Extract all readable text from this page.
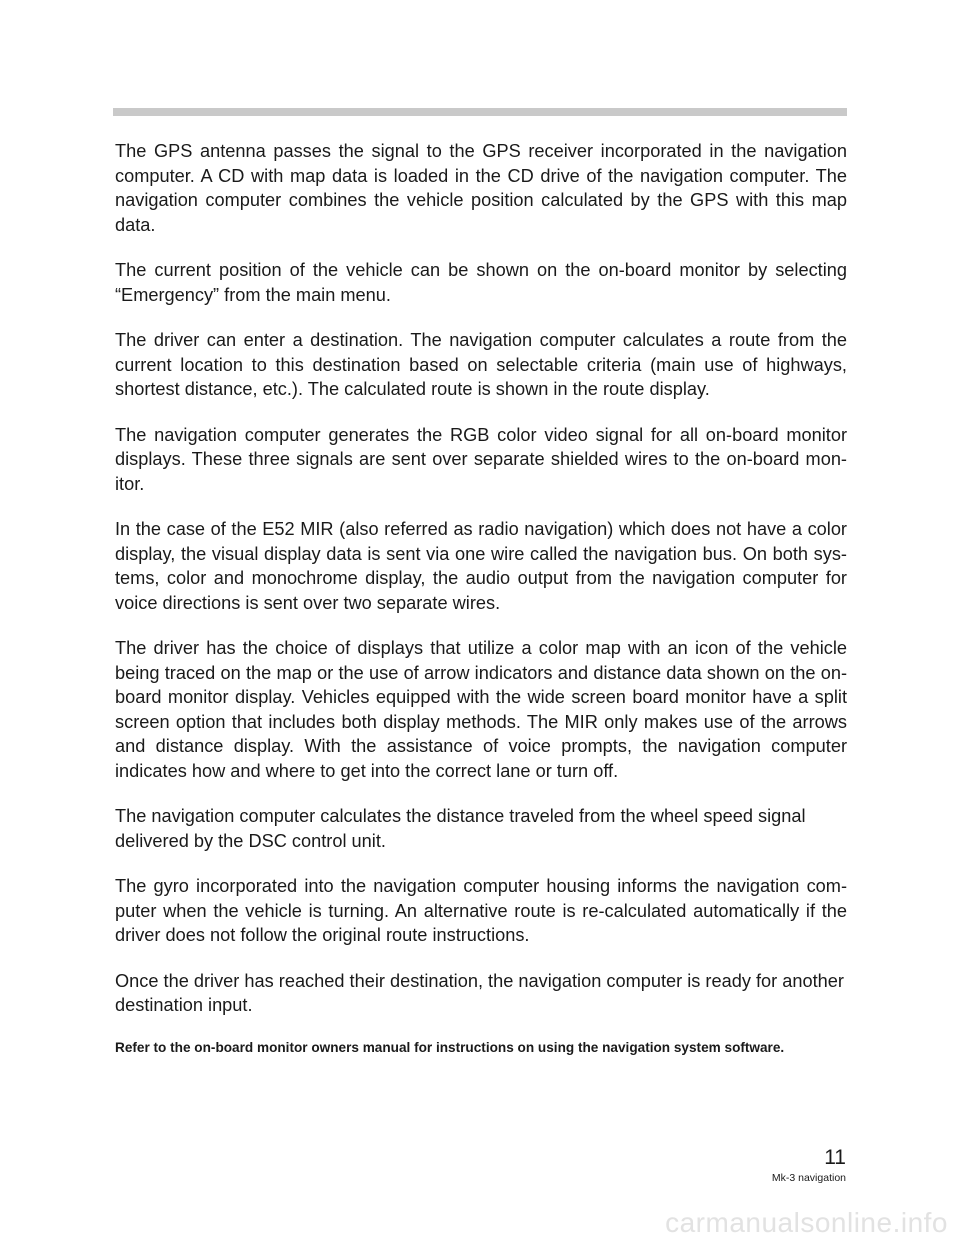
The GPS antenna passes the signal to the GPS receiver incorporated in the navigation computer. A CD with map data is loaded in the CD drive of the navigation computer. The navigation computer combines the vehicle position calculated by the GPS with this map data.

The current position of the vehicle can be shown on the on-board monitor by selecting “Emergency” from the main menu.

The driver can enter a destination. The navigation computer calculates a route from the current location to this destination based on selectable criteria (main use of highways, shortest distance, etc.). The calculated route is shown in the route display.

The navigation computer generates the RGB color video signal for all on-board monitor displays. These three signals are sent over separate shielded wires to the on-board mon-itor.

In the case of the E52 MIR (also referred as radio navigation) which does not have a color display, the visual display data is sent via one wire called the navigation bus. On both sys-tems, color and monochrome display, the audio output from the navigation computer for voice directions is sent over two separate wires.

The driver has the choice of displays that utilize a color map with an icon of the vehicle being traced on the map or the use of arrow indicators and distance data shown on the on-board monitor display. Vehicles equipped with the wide screen board monitor have a split screen option that includes both display methods. The MIR only makes use of the arrows and distance display. With the assistance of voice prompts, the navigation computer indicates how and where to get into the correct lane or turn off.

The navigation computer calculates the distance traveled from the wheel speed signal delivered by the DSC control unit.

The gyro incorporated into the navigation computer housing informs the navigation com-puter when the vehicle is turning. An alternative route is re-calculated automatically if the driver does not follow the original route instructions.

Once the driver has reached their destination, the navigation computer is ready for another destination input.

Refer to the on-board monitor owners manual for instructions on using the navigation system software.

11
Mk-3 navigation
carmanualsonline.info
